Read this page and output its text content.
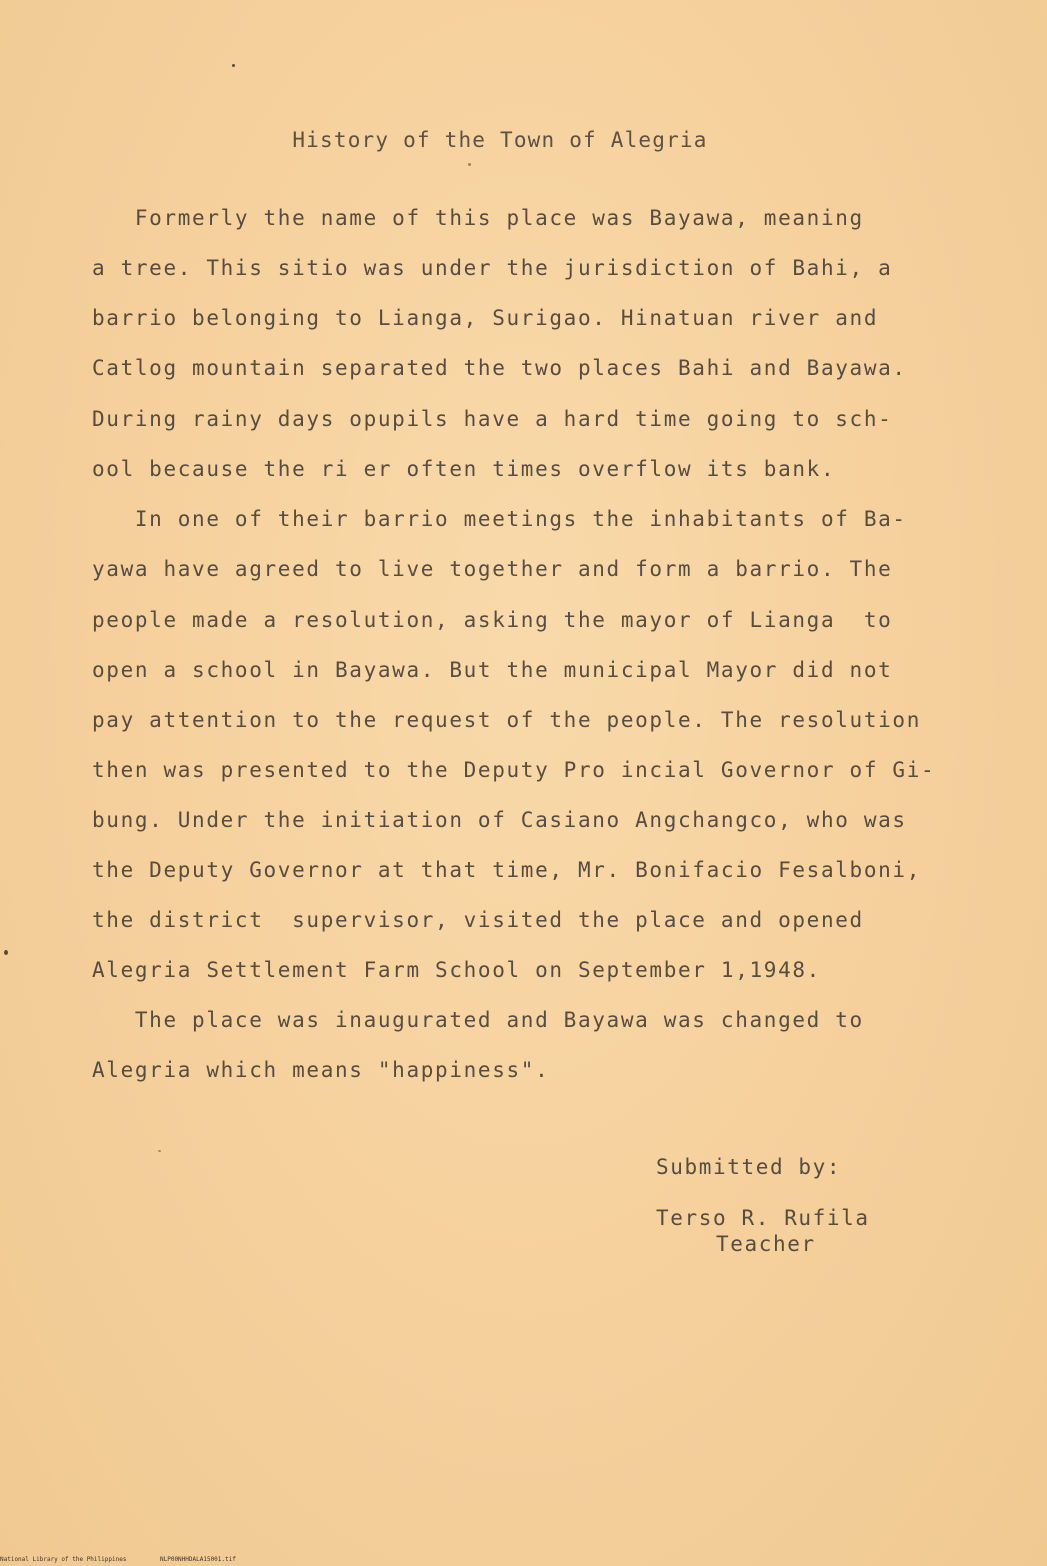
History of the Town of Alegria
Formerly the name of this place was Bayawa, meaning
a tree. This sitio was under the jurisdiction of Bahi, a
barrio belonging to Lianga, Surigao. Hinatuan river and
Catlog mountain separated the two places Bahi and Bayawa.
During rainy days opupils have a hard time going to sch-
ool because the ri er often times overflow its bank.
In one of their barrio meetings the inhabitants of Ba-
yawa have agreed to live together and form a barrio. The
people made a resolution, asking the mayor of Lianga  to
open a school in Bayawa. But the municipal Mayor did not
pay attention to the request of the people. The resolution
then was presented to the Deputy Pro incial Governor of Gi-
bung. Under the initiation of Casiano Angchangco, who was
the Deputy Governor at that time, Mr. Bonifacio Fesalboni,
the district  supervisor, visited the place and opened
Alegria Settlement Farm School on September 1,1948.
The place was inaugurated and Bayawa was changed to
Alegria which means "happiness".
Submitted by:
Terso R. Rufila
Teacher
National Library of the Philippines	NLP00NHHDALA15001.tif
